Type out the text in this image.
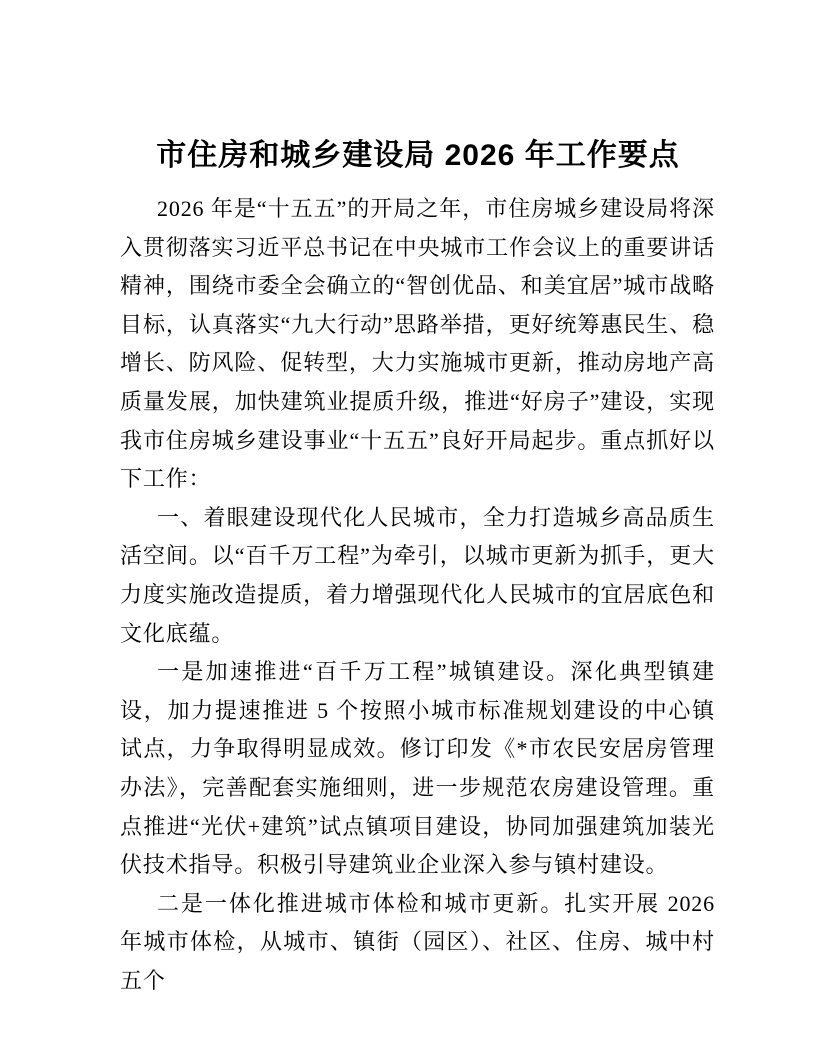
市住房和城乡建设局 2026 年工作要点

2026 年是“十五五”的开局之年，市住房城乡建设局将深入贯彻落实习近平总书记在中央城市工作会议上的重要讲话精神，围绕市委全会确立的“智创优品、和美宜居”城市战略目标，认真落实“九大行动”思路举措，更好统筹惠民生、稳增长、防风险、促转型，大力实施城市更新，推动房地产高质量发展，加快建筑业提质升级，推进“好房子”建设，实现我市住房城乡建设事业“十五五”良好开局起步。重点抓好以下工作：

一、着眼建设现代化人民城市，全力打造城乡高品质生活空间。以“百千万工程”为牵引，以城市更新为抓手，更大力度实施改造提质，着力增强现代化人民城市的宜居底色和文化底蕴。

一是加速推进“百千万工程”城镇建设。深化典型镇建设，加力提速推进 5 个按照小城市标准规划建设的中心镇试点，力争取得明显成效。修订印发《*市农民安居房管理办法》，完善配套实施细则，进一步规范农房建设管理。重点推进“光伏+建筑”试点镇项目建设，协同加强建筑加装光伏技术指导。积极引导建筑业企业深入参与镇村建设。

二是一体化推进城市体检和城市更新。扎实开展 2026 年城市体检，从城市、镇街（园区）、社区、住房、城中村五个
